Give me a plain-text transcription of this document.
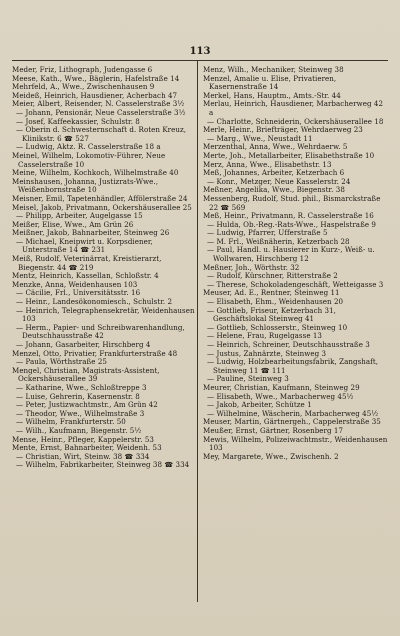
113

Meder, Friz, Lithograph, Judengasse 6

Meese, Kath., Wwe., Bäglerin, Hafelstraße 14

Mehrfeld, A., Wwe., Zwischenhausen 9

Meideß, Heinrich, Hausdiener, Acherbach 47

Meier, Albert, Reisender, N. Casselerstraße 3½

— Johann, Pensionär, Neue Casselerstraße 3½

— Josef, Kaffeekassier, Schulstr. 8

— Oberin d. Schwesternschaft d. Roten Kreuz, Klinikstr. 6 ☎ 527

— Ludwig, Aktz. R. Casselerstraße 18 a

Meinel, Wilhelm, Lokomotiv-Führer, Neue Casselerstraße 10

Meine, Wilhelm, Kochkoch, Wilhelmstraße 40

Meinshausen, Johanna, Justizrats-Wwe., Weißenbornstraße 10

Meisner, Emil, Tapetenhändler, Affölerstraße 24

Meisel, Jakob, Privatmann, Ockershäuserallee 25

— Philipp, Arbeiter, Augelgasse 15

Meißer, Elise, Wwe., Am Grün 26

Meißner, Jakob, Bahnarbeiter, Steinweg 26

— Michael, Kneipwirt u. Korpsdiener, Unterstraße 14 ☎ 231

Meiß, Rudolf, Veterinärrat, Kreistierarzt, Biegenstr. 44 ☎ 219

Mentz, Heinrich, Kassellan, Schloßstr. 4

Menzke, Anna, Weidenhausen 103

— Cäcilie, Frl., Universitätsstr. 16

— Heinr., Landesökonomiesch., Schulstr. 2

— Heinrich, Telegraphensekretär, Weidenhausen 103

— Herm., Papier- und Schreibwarenhandlung, Deutschhausstraße 42

— Johann, Gasarbeiter, Hirschberg 4

Menzel, Otto, Privatier, Frankfurterstraße 48

— Paula, Wörthstraße 25

Mengel, Christian, Magistrats-Assistent, Ockershäuserallee 39

— Katharine, Wwe., Schloßtreppe 3

— Luise, Gehrerin, Kasernenstr. 8

— Peter, Justizwachtmstr., Am Grün 42

— Theodor, Wwe., Wilhelmstraße 3

— Wilhelm, Frankfurterstr. 50

— Wilh., Kaufmann, Biegenstr. 5½

Mense, Heinr., Pfleger, Kappelerstr. 53

Mente, Ernst, Bahnarbeiter, Weidenh. 53

— Christian, Wirt, Steinw. 38 ☎ 334

— Wilhelm, Fabrikarbeiter, Steinweg 38 ☎ 334

Menz, Wilh., Mechaniker, Steinweg 38

Menzel, Amalie u. Elise, Privatieren, Kasernenstraße 14

Merkel, Hans, Hauptm., Amts.-Str. 44

Merlau, Heinrich, Hausdiener, Marbacherweg 42 a

— Charlotte, Schneiderin, Ockershäuserallee 18

Merle, Heinr., Briefträger, Wehrdaerweg 23

— Marg., Wwe., Neustadt 11

Merzenthal, Anna, Wwe., Wehrdaerw. 5

Merte, Joh., Metallarbeiter, Elisabethstraße 10

Merz, Anna, Wwe., Elisabethstr. 13

Meß, Johannes, Arbeiter, Ketzerbach 6

— Konr., Metzger, Neue Kasselerstr. 24

Meßner, Angelika, Wwe., Biegenstr. 38

Messenberg, Rudolf, Stud. phil., Bismarckstraße 22 ☎ 569

Meß, Heinr., Privatmann, R. Casselerstraße 16

— Hulda, Ob.-Reg.-Rats-Wwe., Haspelstraße 9

— Ludwig, Pfarrer, Ufferstraße 5

— M. Frl., Weißnäherin, Ketzerbach 28

— Paul, Handl. u. Hausierer in Kurz-, Weiß- u. Wollwaren, Hirschberg 12

Meßner, Joh., Wörthstr. 32

— Rudolf, Kürschner, Ritterstraße 2

— Therese, Schokoladengeschäft, Wetteigasse 3

Meuser, Ad. E., Rentner, Steinweg 11

— Elisabeth, Ehm., Weidenhausen 20

— Gottlieb, Friseur, Ketzerbach 31, Geschäftslokal Steinweg 41

— Gottlieb, Schlosserstr., Steinweg 10

— Helene, Frau, Rugelgasse 13

— Heinrich, Schreiner, Deutschhausstraße 3

— Justus, Zahnärzte, Steinweg 3

— Ludwig, Holzbearbeitungsfabrik, Zangshaft, Steinweg 11 ☎ 111

— Pauline, Steinweg 3

Meurer, Christian, Kaufmann, Steinweg 29

— Elisabeth, Wwe., Marbacherweg 45½

— Jakob, Arbeiter, Schütze 1

— Wilhelmine, Wäscherin, Marbacherweg 45½

Meuser, Martin, Gärtnergeh., Cappelerstraße 35

Meußer, Ernst, Gärtner, Rosenberg 17

Mewis, Wilhelm, Polizeiwachtmstr., Weidenhausen 103

Mey, Margarete, Wwe., Zwischenh. 2
